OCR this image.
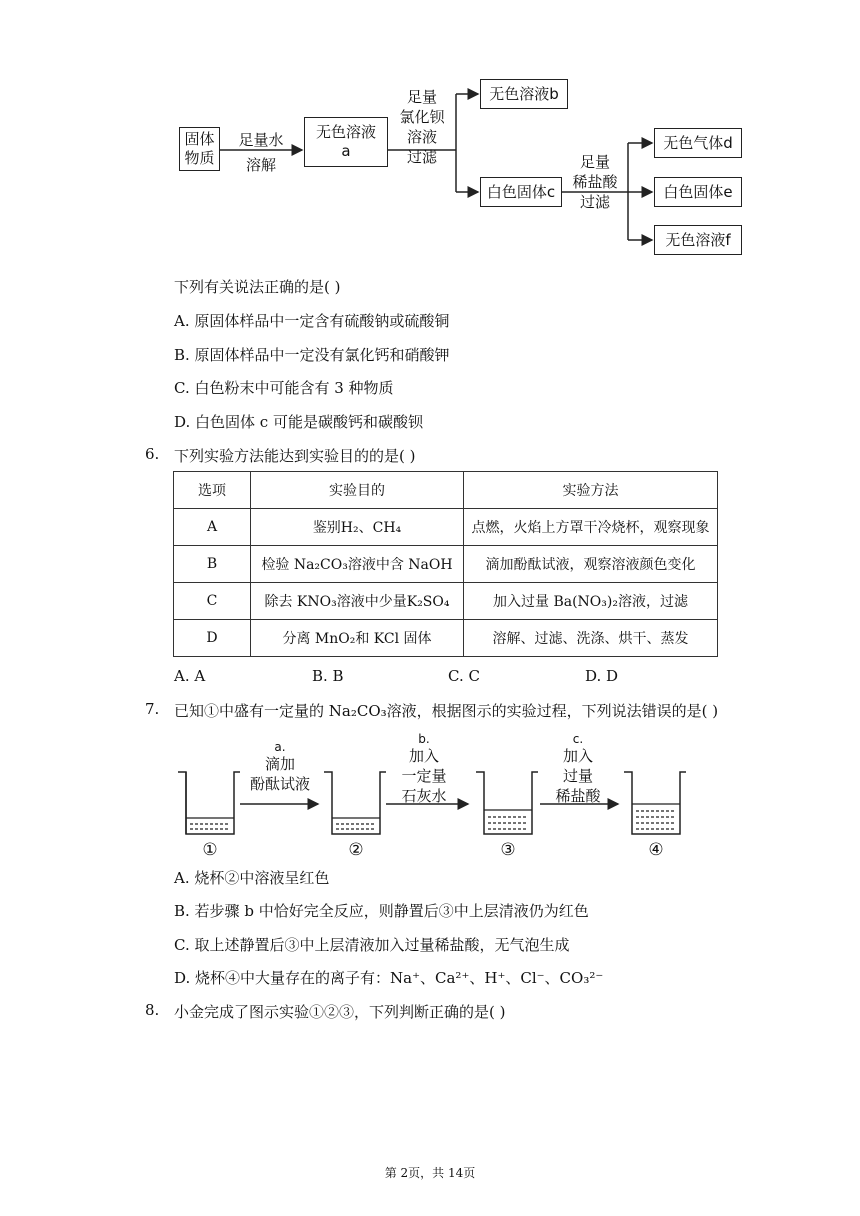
固体物质
足量水
溶解
无色溶液
a
足量
氯化钡
溶液
过滤
无色溶液b
白色固体c
足量
稀盐酸
过滤
无色气体d
白色固体e
无色溶液f
下列有关说法正确的是( )
A. 原固体样品中一定含有硫酸钠或硫酸铜
B. 原固体样品中一定没有氯化钙和硝酸钾
C. 白色粉末中可能含有 3 种物质
D. 白色固体 c 可能是碳酸钙和碳酸钡
6. 下列实验方法能达到实验目的的是( )
选项	实验目的	实验方法
A	鉴别H₂、CH₄	点燃，火焰上方罩干冷烧杯，观察现象
B	检验 Na₂CO₃溶液中含 NaOH	滴加酚酞试液，观察溶液颜色变化
C	除去 KNO₃溶液中少量K₂SO₄	加入过量 Ba(NO₃)₂溶液，过滤
D	分离 MnO₂和 KCl 固体	溶解、过滤、洗涤、烘干、蒸发
A. A	B. B	C. C	D. D
7. 已知①中盛有一定量的 Na₂CO₃溶液，根据图示的实验过程，下列说法错误的是( )
a.
滴加
酚酞试液
b.
加入
一定量
石灰水
c.
加入
过量
稀盐酸
①	②	③	④
A. 烧杯②中溶液呈红色
B. 若步骤 b 中恰好完全反应，则静置后③中上层清液仍为红色
C. 取上述静置后③中上层清液加入过量稀盐酸，无气泡生成
D. 烧杯④中大量存在的离子有：Na⁺、Ca²⁺、H⁺、Cl⁻、CO₃²⁻
8. 小金完成了图示实验①②③，下列判断正确的是( )
第 2页，共 14页
